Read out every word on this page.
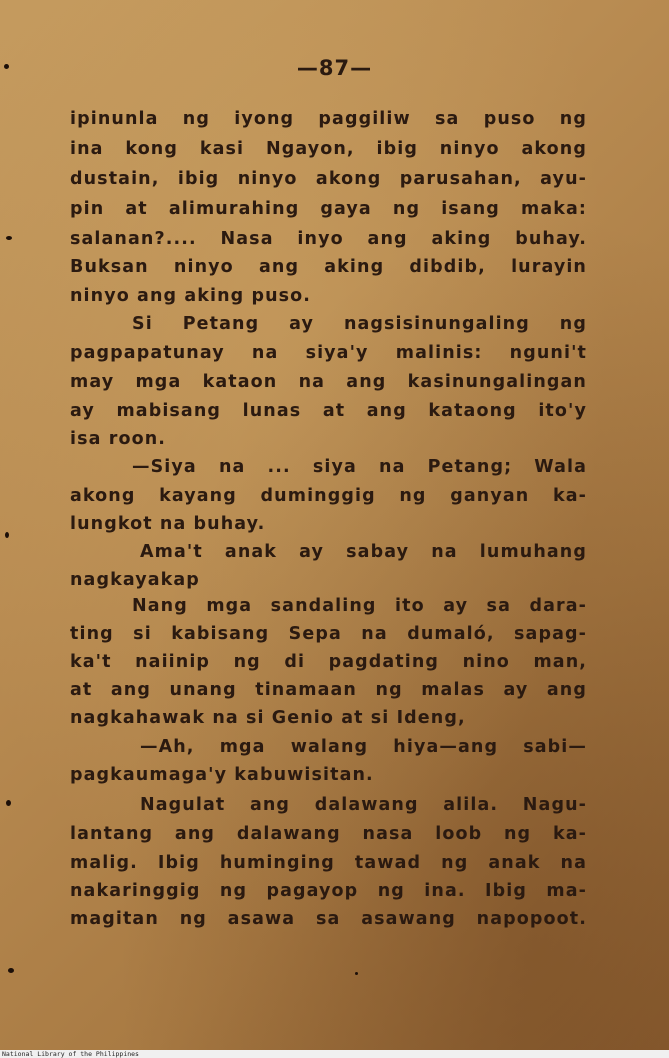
—87—
ipinunla ng iyong paggiliw sa puso ng
ina kong kasi Ngayon, ibig ninyo akong
dustain, ibig ninyo akong parusahan, ayu-
pin at alimurahing gaya ng isang maka:
salanan?.... Nasa inyo ang aking buhay.
Buksan ninyo ang aking dibdib, lurayin
ninyo ang aking puso.
Si Petang ay nagsisinungaling ng
pagpapatunay na siya'y malinis: nguni't
may mga kataon na ang kasinungalingan
ay mabisang lunas at ang kataong ito'y
isa roon.
—Siya na ... siya na Petang; Wala
akong kayang duminggig ng ganyan ka-
lungkot na buhay.
Ama't anak ay sabay na lumuhang
nagkayakap
Nang mga sandaling ito ay sa dara-
ting si kabisang Sepa na dumaló, sapag-
ka't naiinip ng di pagdating nino man,
at ang unang tinamaan ng malas ay ang
nagkahawak na si Genio at si Ideng,
—Ah, mga walang hiya—ang sabi—
pagkaumaga'y kabuwisitan.
Nagulat ang dalawang alila. Nagu-
lantang ang dalawang nasa loob ng ka-
malig. Ibig huminging tawad ng anak na
nakaringgig ng pagayop ng ina. Ibig ma-
magitan ng asawa sa asawang napopoot.
National Library of the Philippines
